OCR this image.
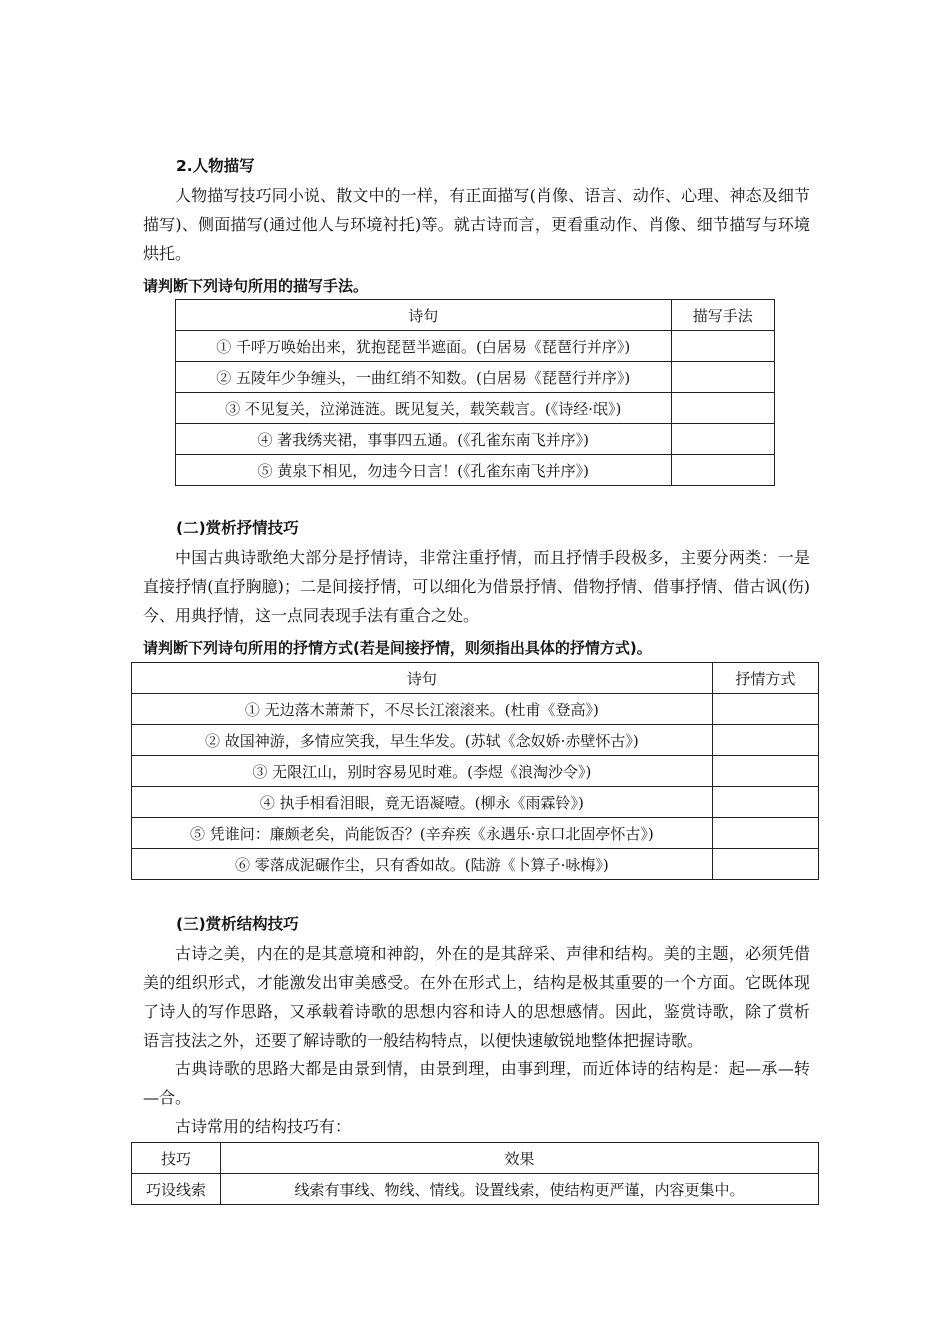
2.人物描写
人物描写技巧同小说、散文中的一样，有正面描写(肖像、语言、动作、心理、神态及细节描写)、侧面描写(通过他人与环境衬托)等。就古诗而言，更看重动作、肖像、细节描写与环境烘托。
请判断下列诗句所用的描写手法。
诗句	描写手法
① 千呼万唤始出来，犹抱琵琶半遮面。(白居易《琵琶行并序》)	
② 五陵年少争缠头，一曲红绡不知数。(白居易《琵琶行并序》)	
③ 不见复关，泣涕涟涟。既见复关，载笑载言。(《诗经·氓》)	
④ 著我绣夹裙，事事四五通。(《孔雀东南飞并序》)	
⑤ 黄泉下相见，勿违今日言！(《孔雀东南飞并序》)	
(二)赏析抒情技巧
中国古典诗歌绝大部分是抒情诗，非常注重抒情，而且抒情手段极多，主要分两类：一是直接抒情(直抒胸臆)；二是间接抒情，可以细化为借景抒情、借物抒情、借事抒情、借古讽(伤)今、用典抒情，这一点同表现手法有重合之处。
请判断下列诗句所用的抒情方式(若是间接抒情，则须指出具体的抒情方式)。
诗句	抒情方式
① 无边落木萧萧下，不尽长江滚滚来。(杜甫《登高》)	
② 故国神游，多情应笑我，早生华发。(苏轼《念奴娇·赤壁怀古》)	
③ 无限江山，别时容易见时难。(李煜《浪淘沙令》)	
④ 执手相看泪眼，竟无语凝噎。(柳永《雨霖铃》)	
⑤ 凭谁问：廉颇老矣，尚能饭否？(辛弃疾《永遇乐·京口北固亭怀古》)	
⑥ 零落成泥碾作尘，只有香如故。(陆游《卜算子·咏梅》)	
(三)赏析结构技巧
古诗之美，内在的是其意境和神韵，外在的是其辞采、声律和结构。美的主题，必须凭借美的组织形式，才能激发出审美感受。在外在形式上，结构是极其重要的一个方面。它既体现了诗人的写作思路，又承载着诗歌的思想内容和诗人的思想感情。因此，鉴赏诗歌，除了赏析语言技法之外，还要了解诗歌的一般结构特点，以便快速敏锐地整体把握诗歌。
古典诗歌的思路大都是由景到情，由景到理，由事到理，而近体诗的结构是：起—承—转—合。
古诗常用的结构技巧有：
技巧	效果
巧设线索	线索有事线、物线、情线。设置线索，使结构更严谨，内容更集中。
